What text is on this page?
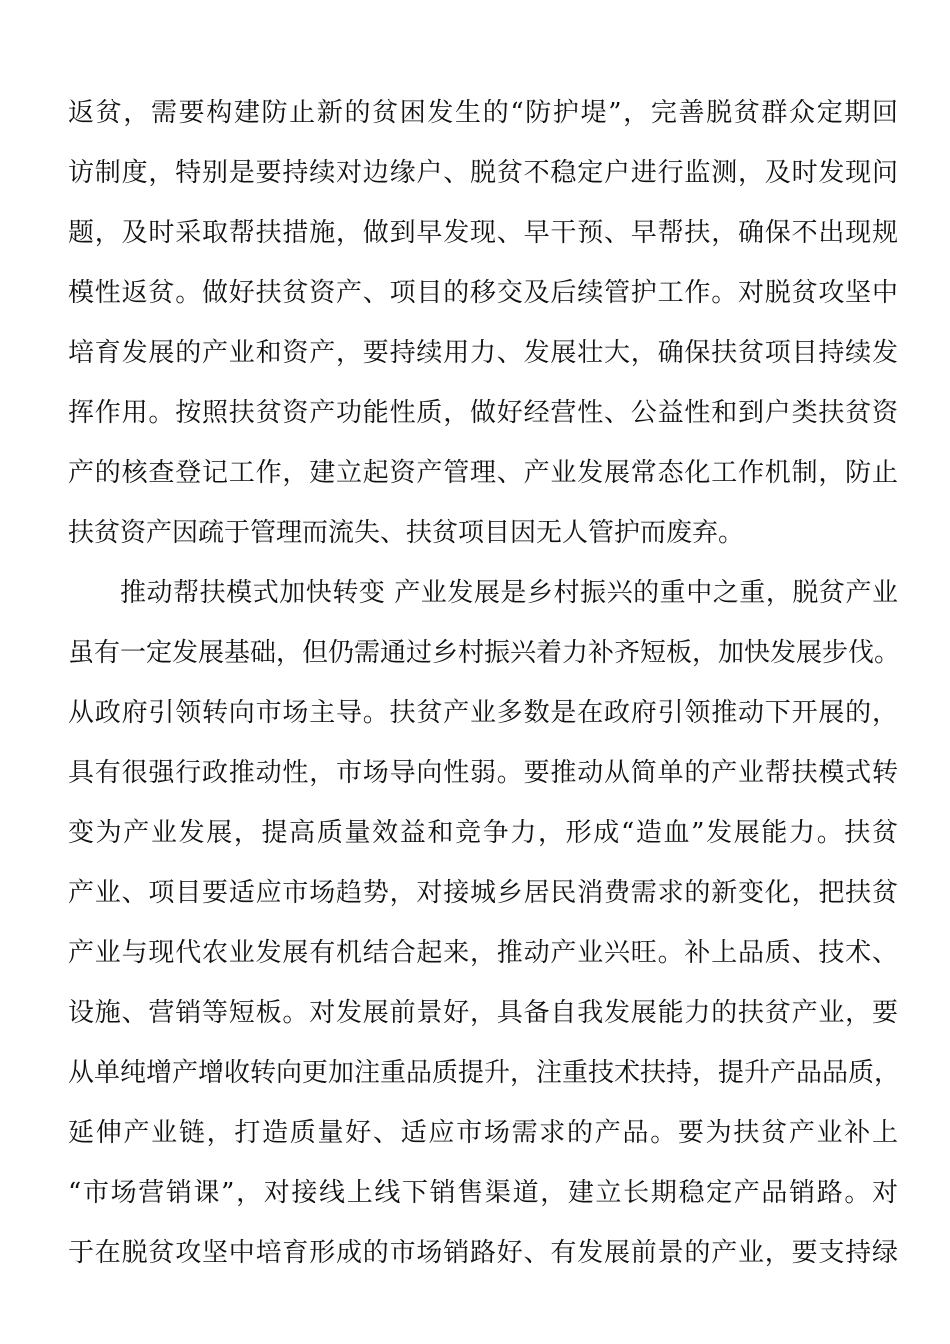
返贫，需要构建防止新的贫困发生的“防护堤”，完善脱贫群众定期回
访制度，特别是要持续对边缘户、脱贫不稳定户进行监测，及时发现问
题，及时采取帮扶措施，做到早发现、早干预、早帮扶，确保不出现规
模性返贫。做好扶贫资产、项目的移交及后续管护工作。对脱贫攻坚中
培育发展的产业和资产，要持续用力、发展壮大，确保扶贫项目持续发
挥作用。按照扶贫资产功能性质，做好经营性、公益性和到户类扶贫资
产的核查登记工作，建立起资产管理、产业发展常态化工作机制，防止
扶贫资产因疏于管理而流失、扶贫项目因无人管护而废弃。
推动帮扶模式加快转变 产业发展是乡村振兴的重中之重，脱贫产业
虽有一定发展基础，但仍需通过乡村振兴着力补齐短板，加快发展步伐。
从政府引领转向市场主导。扶贫产业多数是在政府引领推动下开展的，
具有很强行政推动性，市场导向性弱。要推动从简单的产业帮扶模式转
变为产业发展，提高质量效益和竞争力，形成“造血”发展能力。扶贫
产业、项目要适应市场趋势，对接城乡居民消费需求的新变化，把扶贫
产业与现代农业发展有机结合起来，推动产业兴旺。补上品质、技术、
设施、营销等短板。对发展前景好，具备自我发展能力的扶贫产业，要
从单纯增产增收转向更加注重品质提升，注重技术扶持，提升产品品质，
延伸产业链，打造质量好、适应市场需求的产品。要为扶贫产业补上
“市场营销课”，对接线上线下销售渠道，建立长期稳定产品销路。对
于在脱贫攻坚中培育形成的市场销路好、有发展前景的产业，要支持绿
